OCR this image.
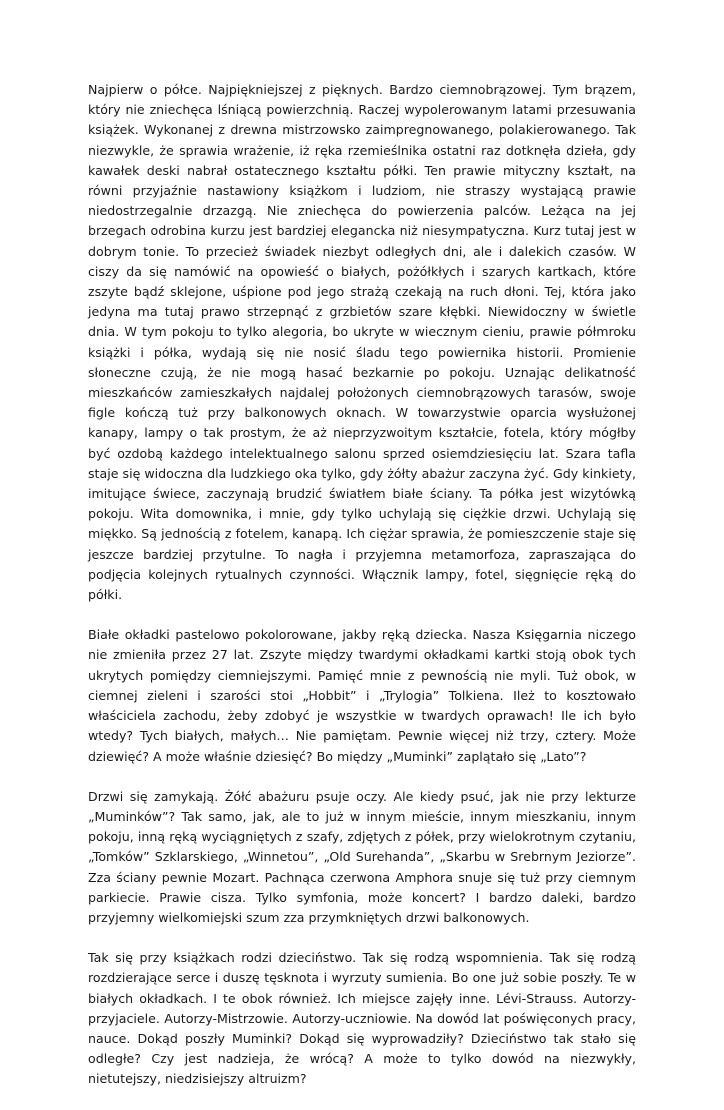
Najpierw o półce. Najpiękniejszej z pięknych. Bardzo ciemnobrązowej. Tym brązem, który nie zniechęca lśniącą powierzchnią. Raczej wypolerowanym latami przesuwania książek. Wykonanej z drewna mistrzowsko zaimpregnowanego, polakierowanego. Tak niezwykle, że sprawia wrażenie, iż ręka rzemieślnika ostatni raz dotknęła dzieła, gdy kawałek deski nabrał ostatecznego kształtu półki. Ten prawie mityczny kształt, na równi przyjaźnie nastawiony książkom i ludziom, nie straszy wystającą prawie niedostrzegalnie drzazgą. Nie zniechęca do powierzenia palców. Leżąca na jej brzegach odrobina kurzu jest bardziej elegancka niż niesympatyczna. Kurz tutaj jest w dobrym tonie. To przecież świadek niezbyt odległych dni, ale i dalekich czasów. W ciszy da się namówić na opowieść o białych, pożółkłych i szarych kartkach, które zszyte bądź sklejone, uśpione pod jego strażą czekają na ruch dłoni. Tej, która jako jedyna ma tutaj prawo strzepnąć z grzbietów szare kłębki. Niewidoczny w świetle dnia. W tym pokoju to tylko alegoria, bo ukryte w wiecznym cieniu, prawie półmroku książki i półka, wydają się nie nosić śladu tego powiernika historii. Promienie słoneczne czują, że nie mogą hasać bezkarnie po pokoju. Uznając delikatność mieszkańców zamieszkałych najdalej położonych ciemnobrązowych tarasów, swoje figle kończą tuż przy balkonowych oknach. W towarzystwie oparcia wysłużonej kanapy, lampy o tak prostym, że aż nieprzyzwoitym kształcie, fotela, który mógłby być ozdobą każdego intelektualnego salonu sprzed osiemdziesięciu lat. Szara tafla staje się widoczna dla ludzkiego oka tylko, gdy żółty abażur zaczyna żyć. Gdy kinkiety, imitujące świece, zaczynają brudzić światłem białe ściany. Ta półka jest wizytówką pokoju. Wita domownika, i mnie, gdy tylko uchylają się ciężkie drzwi. Uchylają się miękko. Są jednością z fotelem, kanapą. Ich ciężar sprawia, że pomieszczenie staje się jeszcze bardziej przytulne. To nagła i przyjemna metamorfoza, zapraszająca do podjęcia kolejnych rytualnych czynności. Włącznik lampy, fotel, sięgnięcie ręką do półki.

Białe okładki pastelowo pokolorowane, jakby ręką dziecka. Nasza Księgarnia niczego nie zmieniła przez 27 lat. Zszyte między twardymi okładkami kartki stoją obok tych ukrytych pomiędzy ciemniejszymi. Pamięć mnie z pewnością nie myli. Tuż obok, w ciemnej zieleni i szarości stoi „Hobbit” i „Trylogia” Tolkiena. Ileż to kosztowało właściciela zachodu, żeby zdobyć je wszystkie w twardych oprawach! Ile ich było wtedy? Tych białych, małych… Nie pamiętam. Pewnie więcej niż trzy, cztery. Może dziewięć? A może właśnie dziesięć? Bo między „Muminki” zaplątało się „Lato”?

Drzwi się zamykają. Żółć abażuru psuje oczy. Ale kiedy psuć, jak nie przy lekturze „Muminków”? Tak samo, jak, ale to już w innym mieście, innym mieszkaniu, innym pokoju, inną ręką wyciągniętych z szafy, zdjętych z półek, przy wielokrotnym czytaniu, „Tomków” Szklarskiego, „Winnetou”, „Old Surehanda”, „Skarbu w Srebrnym Jeziorze”. Zza ściany pewnie Mozart. Pachnąca czerwona Amphora snuje się tuż przy ciemnym parkiecie. Prawie cisza. Tylko symfonia, może koncert? I bardzo daleki, bardzo przyjemny wielkomiejski szum zza przymkniętych drzwi balkonowych.

Tak się przy książkach rodzi dzieciństwo. Tak się rodzą wspomnienia. Tak się rodzą rozdzierające serce i duszę tęsknota i wyrzuty sumienia. Bo one już sobie poszły. Te w białych okładkach. I te obok również. Ich miejsce zajęły inne. Lévi-Strauss. Autorzy-przyjaciele. Autorzy-Mistrzowie. Autorzy-uczniowie. Na dowód lat poświęconych pracy, nauce. Dokąd poszły Muminki? Dokąd się wyprowadziły? Dzieciństwo tak stało się odległe? Czy jest nadzieja, że wrócą? A może to tylko dowód na niezwykły, nietutejszy, niedzisiejszy altruizm?
